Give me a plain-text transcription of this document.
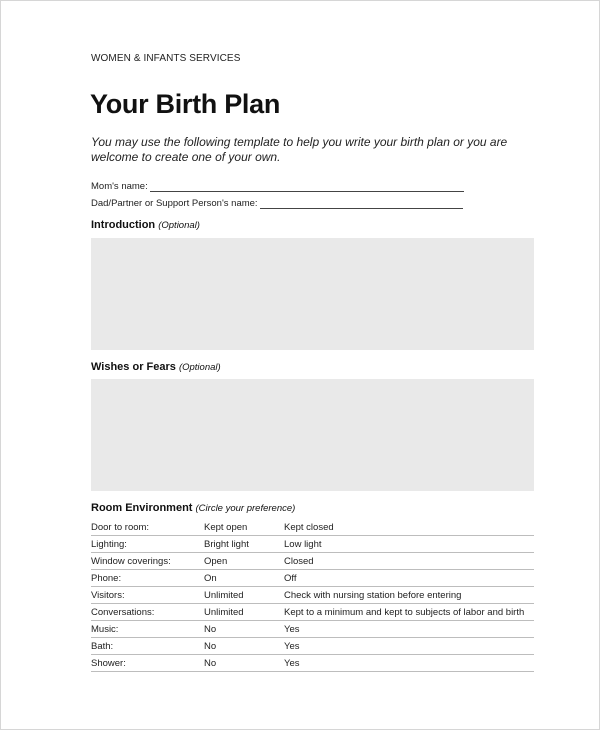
WOMEN & INFANTS SERVICES
Your Birth Plan
You may use the following template to help you write your birth plan or you are welcome to create one of your own.
Mom's name:
Dad/Partner or Support Person's name:
Introduction (Optional)
Wishes or Fears (Optional)
Room Environment (Circle your preference)
Door to room:	Kept open	Kept closed
Lighting:	Bright light	Low light
Window coverings:	Open	Closed
Phone:	On	Off
Visitors:	Unlimited	Check with nursing station before entering
Conversations:	Unlimited	Kept to a minimum and kept to subjects of labor and birth
Music:	No	Yes
Bath:	No	Yes
Shower:	No	Yes
